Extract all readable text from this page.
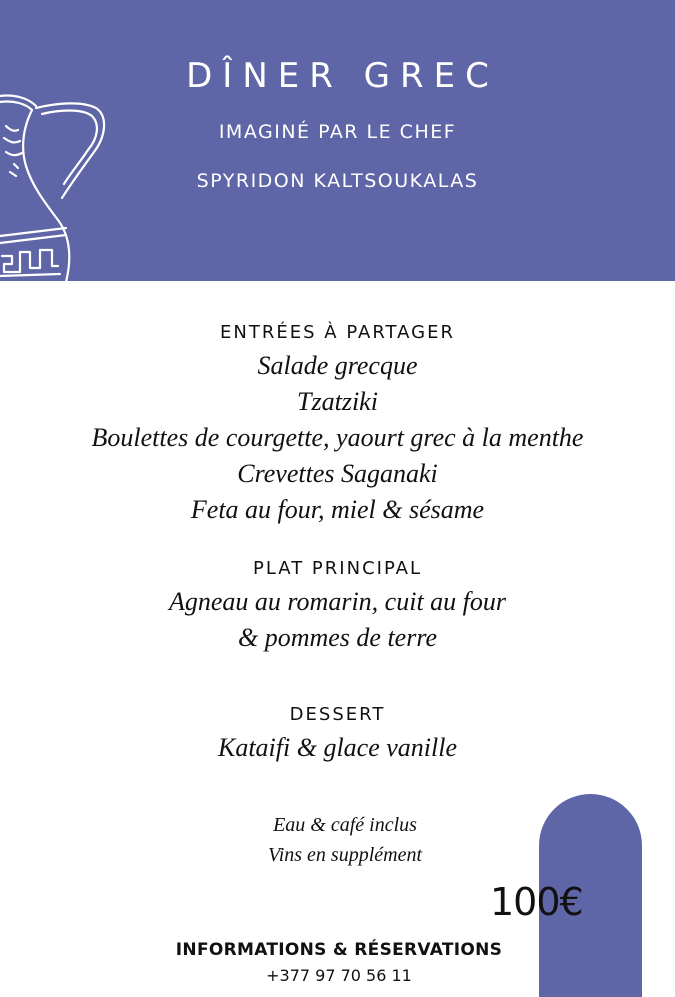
DÎNER GREC
IMAGINÉ PAR LE CHEF
SPYRIDON KALTSOUKALAS
ENTRÉES À PARTAGER
Salade grecque
Tzatziki
Boulettes de courgette, yaourt grec à la menthe
Crevettes Saganaki
Feta au four, miel & sésame
PLAT PRINCIPAL
Agneau au romarin, cuit au four
& pommes de terre
DESSERT
Kataifi & glace vanille
Eau & café inclus
Vins en supplément
100€
INFORMATIONS & RÉSERVATIONS
+377 97 70 56 11
